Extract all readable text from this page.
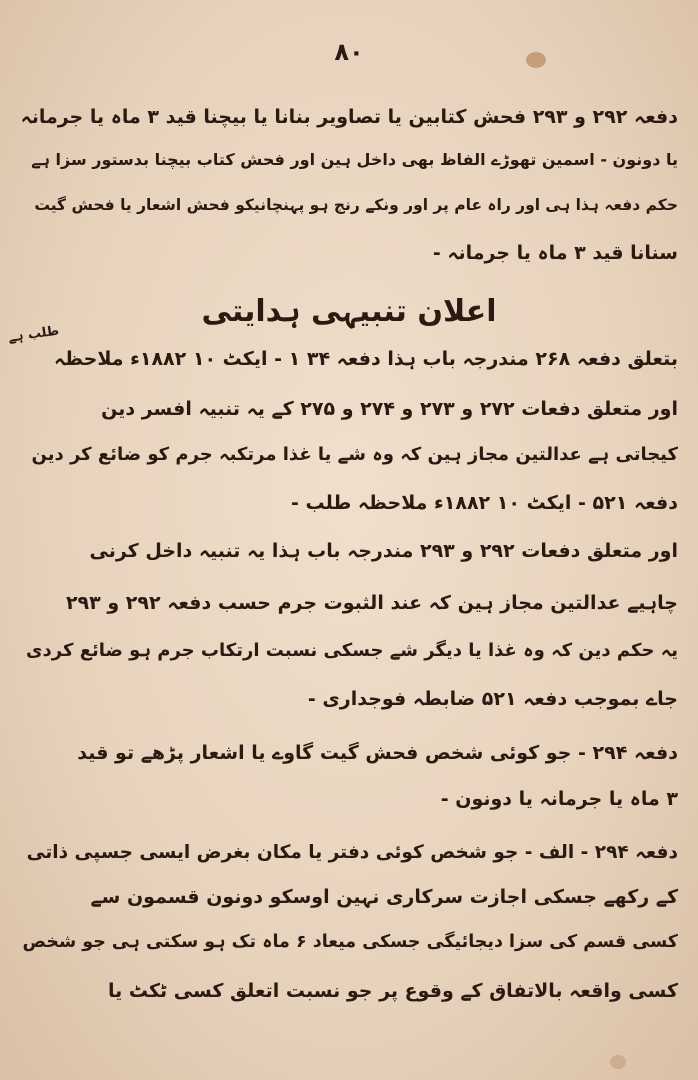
۸۰
دفعہ ۲۹۲ و ۲۹۳ فحش کتابین یا تصاویر بنانا یا بیچنا قید ۳ ماہ یا جرمانہ
یا دونون - اسمین تھوڑے الفاظ بھی داخل ہین اور فحش کتاب بیچنا بدستور سزا ہے
حکم دفعہ ہذا ہی اور راہ عام پر اور ونکے رنج ہو پہنچانیکو فحش اشعار یا فحش گیت
سنانا قید ۳ ماہ یا جرمانہ -
اعلان تنبیہی ہدایتی
طلب ہے
بتعلق دفعہ ۲۶۸ مندرجہ باب ہذا دفعہ ۳۴ ۱ - ایکٹ ۱۰ ۱۸۸۲ء ملاحظہ
اور متعلق دفعات ۲۷۲ و ۲۷۳ و ۲۷۴ و ۲۷۵ کے یہ تنبیہ افسر دین
کیجاتی ہے عدالتین مجاز ہین کہ وہ شے یا غذا مرتکبہ جرم کو ضائع کر دین
دفعہ ۵۲۱ - ایکٹ ۱۰ ۱۸۸۲ء ملاحظہ طلب -
اور متعلق دفعات ۲۹۲ و ۲۹۳ مندرجہ باب ہذا یہ تنبیہ داخل کرنی
چاہیے عدالتین مجاز ہین کہ عند الثبوت جرم حسب دفعہ ۲۹۲ و ۲۹۳
یہ حکم دین کہ وہ غذا یا دیگر شے جسکی نسبت ارتکاب جرم ہو ضائع کردی
جاے بموجب دفعہ ۵۲۱ ضابطہ فوجداری -
دفعہ ۲۹۴ - جو کوئی شخص فحش گیت گاوے یا اشعار پڑھے تو قید
۳ ماہ یا جرمانہ یا دونون -
دفعہ ۲۹۴ - الف - جو شخص کوئی دفتر یا مکان بغرض ایسی جسپی ذاتی
کے رکھے جسکی اجازت سرکاری نہین اوسکو دونون قسمون سے
کسی قسم کی سزا دیجائیگی جسکی میعاد ۶ ماہ تک ہو سکتی ہی جو شخص
کسی واقعہ بالاتفاق کے وقوع پر جو نسبت اتعلق کسی ٹکٹ یا
